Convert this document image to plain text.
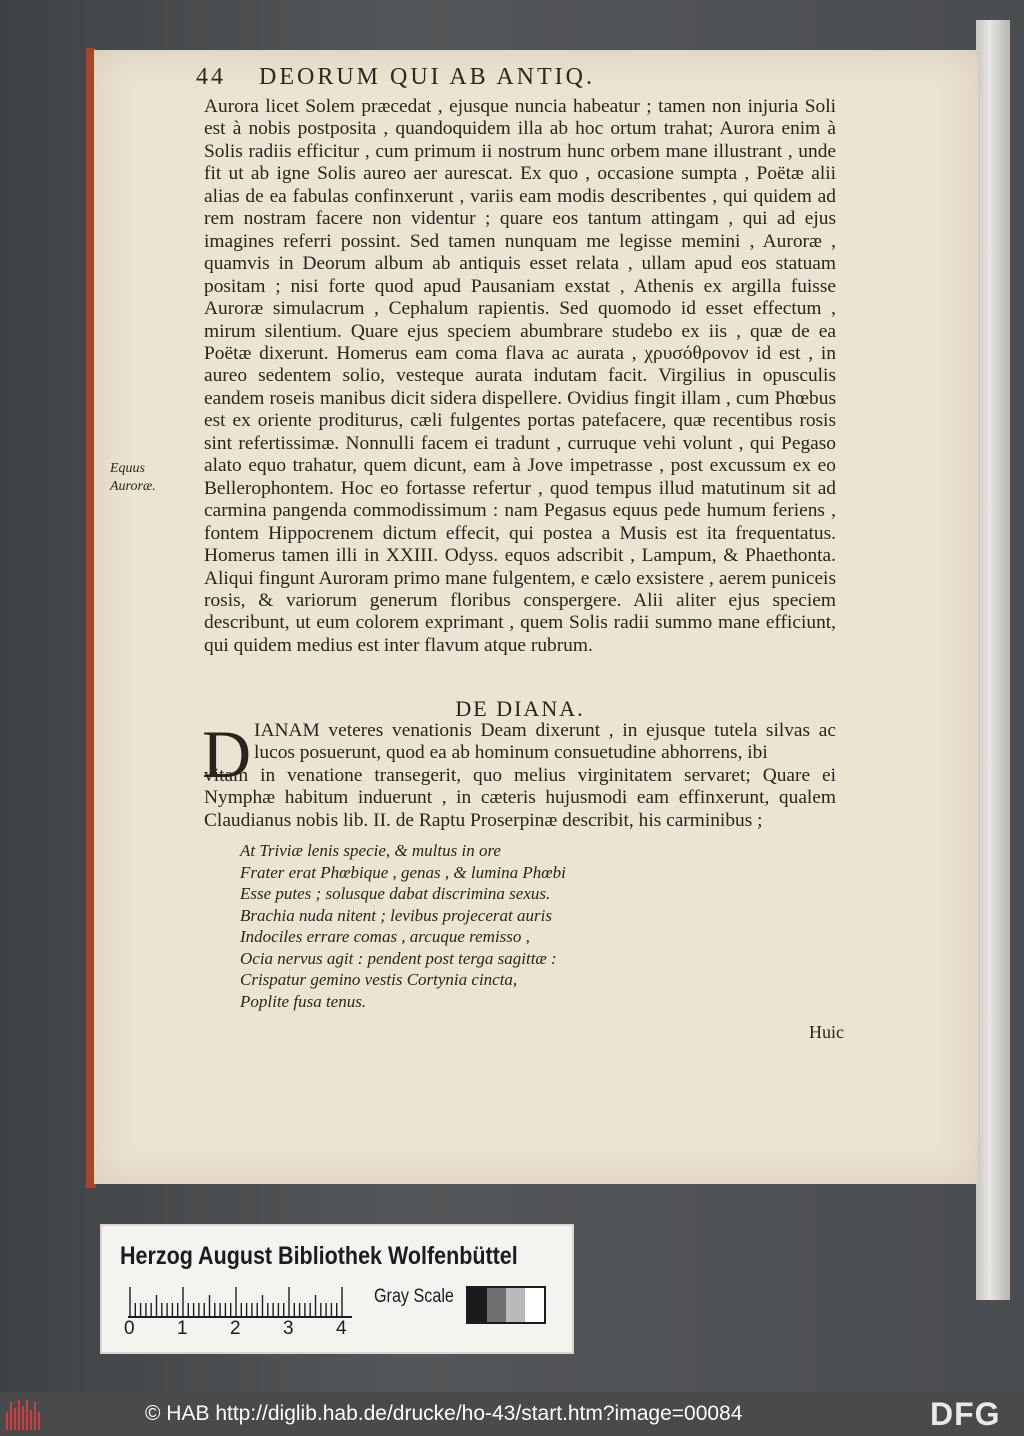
44 DEORUM QUI AB ANTIQ.

Aurora licet Solem præcedat , ejusque nuncia habeatur ; tamen non injuria Soli est à nobis postposita , quandoquidem illa ab hoc ortum trahat; Aurora enim à Solis radiis efficitur , cum primum ii nostrum hunc orbem mane illustrant , unde fit ut ab igne Solis aureo aer aurescat. Ex quo , occasione sumpta , Poëtæ alii alias de ea fabulas confinxerunt , variis eam modis describentes , qui quidem ad rem nostram facere non videntur ; quare eos tantum attingam , qui ad ejus imagines referri possint. Sed tamen nunquam me legisse memini , Auroræ , quamvis in Deorum album ab antiquis esset relata , ullam apud eos statuam positam ; nisi forte quod apud Pausaniam exstat , Athenis ex argilla fuisse Auroræ simulacrum , Cephalum rapientis. Sed quomodo id esset effectum , mirum silentium. Quare ejus speciem abumbrare studebo ex iis , quæ de ea Poëtæ dixerunt. Homerus eam coma flava ac aurata , χρυσόθρονον id est , in aureo sedentem solio, vesteque aurata indutam facit. Virgilius in opusculis eandem roseis manibus dicit sidera dispellere. Ovidius fingit illam , cum Phœbus est ex oriente proditurus, cæli fulgentes portas patefacere, quæ recentibus rosis sint refertissimæ. Nonnulli facem ei tradunt , curruque vehi volunt , qui Pegaso alato equo trahatur, quem dicunt, eam à Jove impetrasse , post excussum ex eo Bellerophontem. Hoc eo fortasse refertur , quod tempus illud matutinum sit ad carmina pangenda commodissimum : nam Pegasus equus pede humum feriens , fontem Hippocrenem dictum effecit, qui postea a Musis est ita frequentatus. Homerus tamen illi in XXIII. Odyss. equos adscribit , Lampum, & Phaethonta. Aliqui fingunt Auroram primo mane fulgentem, e cælo exsistere , aerem puniceis rosis, & variorum generum floribus conspergere. Alii aliter ejus speciem describunt, ut eum colorem exprimant , quem Solis radii summo mane efficiunt, qui quidem medius est inter flavum atque rubrum.

Equus Auroræ.
DE DIANA.
D IANAM veteres venationis Deam dixerunt , in ejusque tutela silvas ac lucos posuerunt, quod ea ab hominum consuetudine abhorrens, ibi

vitam in venatione transegerit, quo melius virginitatem servaret; Quare ei Nymphæ habitum induerunt , in cæteris hujusmodi eam effinxerunt, qualem Claudianus nobis lib. II. de Raptu Proserpinæ describit, his carminibus ;

At Triviæ lenis specie, & multus in ore
Frater erat Phœbique , genas , & lumina Phœbi
Esse putes ; solusque dabat discrimina sexus.
Brachia nuda nitent ; levibus projecerat auris
Indociles errare comas , arcuque remisso ,
Ocia nervus agit : pendent post terga sagittæ :
Crispatur gemino vestis Cortynia cincta,
Poplite fusa tenus.
Huic
Herzog August Bibliothek Wolfenbüttel
0 1 2 3 4
Gray Scale
© HAB http://diglib.hab.de/drucke/ho-43/start.htm?image=00084	DFG
